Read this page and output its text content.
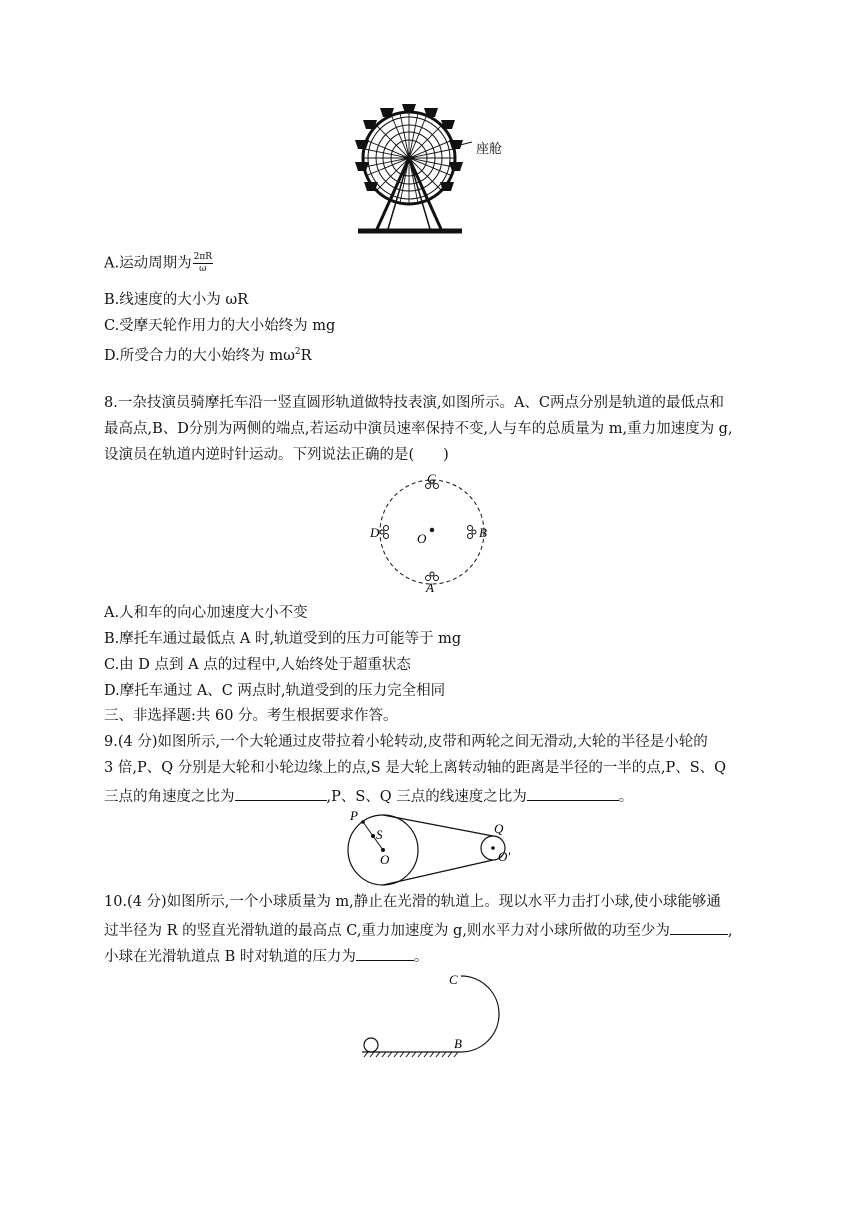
座舱
A.运动周期为 $\frac{2\pi R}{\omega}$
B.线速度的大小为 ωR
C.受摩天轮作用力的大小始终为 mg
D.所受合力的大小始终为 $m\omega^2R$
8.一杂技演员骑摩托车沿一竖直圆形轨道做特技表演,如图所示。A、C两点分别是轨道的最低点和
最高点,B、D分别为两侧的端点,若运动中演员速率保持不变,人与车的总质量为 m,重力加速度为 g,
设演员在轨道内逆时针运动。下列说法正确的是(　　)
C
D	O	B
A
A.人和车的向心加速度大小不变
B.摩托车通过最低点 A 时,轨道受到的压力可能等于 mg
C.由 D 点到 A 点的过程中,人始终处于超重状态
D.摩托车通过 A、C 两点时,轨道受到的压力完全相同
三、非选择题:共 60 分。考生根据要求作答。
9.(4 分)如图所示,一个大轮通过皮带拉着小轮转动,皮带和两轮之间无滑动,大轮的半径是小轮的
3 倍,P、Q 分别是大轮和小轮边缘上的点,S 是大轮上离转动轴的距离是半径的一半的点,P、S、Q
三点的角速度之比为	,P、S、Q 三点的线速度之比为	。
P
S
O
Q
O′
10.(4 分)如图所示,一个小球质量为 m,静止在光滑的轨道上。现以水平力击打小球,使小球能够通
过半径为 R 的竖直光滑轨道的最高点 C,重力加速度为 g,则水平力对小球所做的功至少为	,
小球在光滑轨道点 B 时对轨道的压力为	。
C
B
